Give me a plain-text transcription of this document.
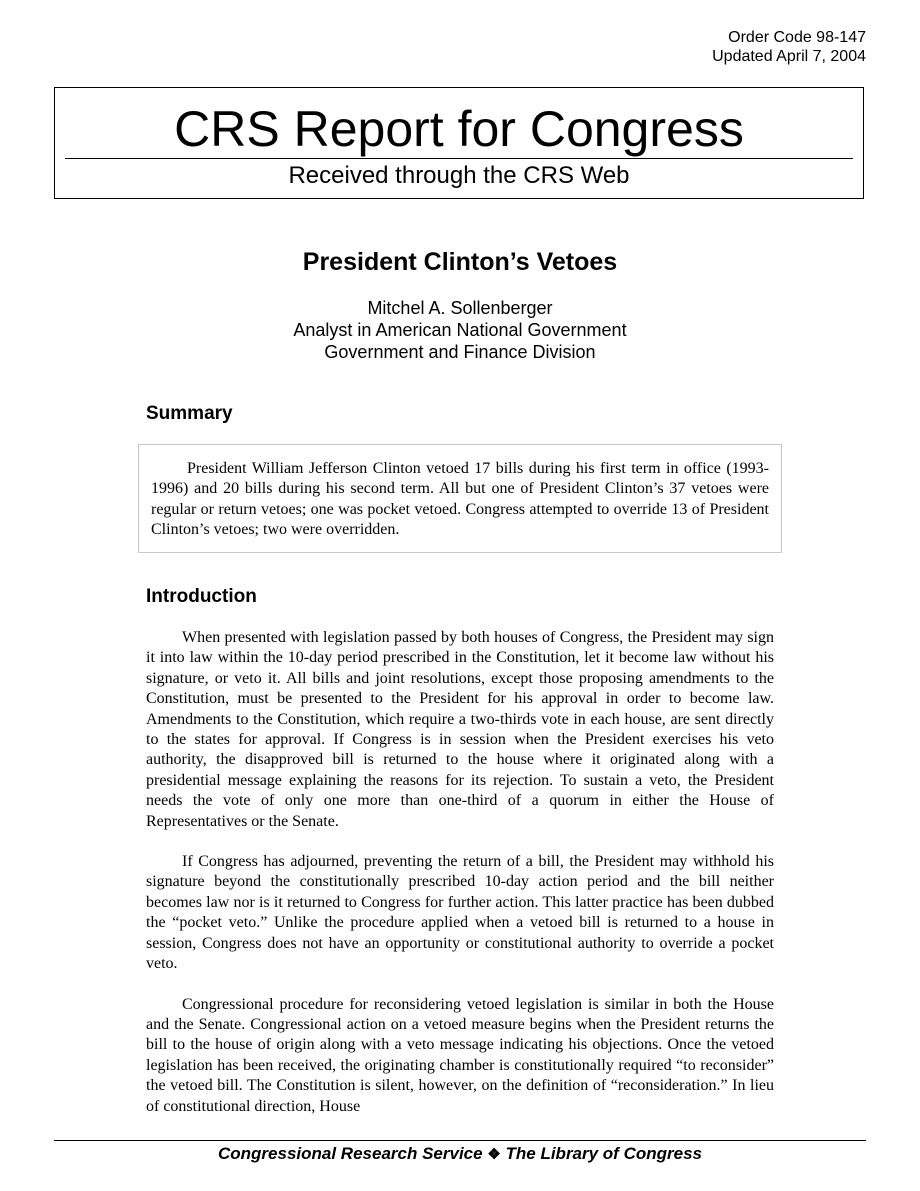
Order Code 98-147
Updated April 7, 2004
CRS Report for Congress
Received through the CRS Web
President Clinton’s Vetoes
Mitchel A. Sollenberger
Analyst in American National Government
Government and Finance Division
Summary

President William Jefferson Clinton vetoed 17 bills during his first term in office (1993-1996) and 20 bills during his second term. All but one of President Clinton’s 37 vetoes were regular or return vetoes; one was pocket vetoed. Congress attempted to override 13 of President Clinton’s vetoes; two were overridden.

Introduction

When presented with legislation passed by both houses of Congress, the President may sign it into law within the 10-day period prescribed in the Constitution, let it become law without his signature, or veto it. All bills and joint resolutions, except those proposing amendments to the Constitution, must be presented to the President for his approval in order to become law. Amendments to the Constitution, which require a two-thirds vote in each house, are sent directly to the states for approval. If Congress is in session when the President exercises his veto authority, the disapproved bill is returned to the house where it originated along with a presidential message explaining the reasons for its rejection. To sustain a veto, the President needs the vote of only one more than one-third of a quorum in either the House of Representatives or the Senate.

If Congress has adjourned, preventing the return of a bill, the President may withhold his signature beyond the constitutionally prescribed 10-day action period and the bill neither becomes law nor is it returned to Congress for further action. This latter practice has been dubbed the “pocket veto.” Unlike the procedure applied when a vetoed bill is returned to a house in session, Congress does not have an opportunity or constitutional authority to override a pocket veto.

Congressional procedure for reconsidering vetoed legislation is similar in both the House and the Senate. Congressional action on a vetoed measure begins when the President returns the bill to the house of origin along with a veto message indicating his objections. Once the vetoed legislation has been received, the originating chamber is constitutionally required “to reconsider” the vetoed bill. The Constitution is silent, however, on the definition of “reconsideration.” In lieu of constitutional direction, House

Congressional Research Service ❖ The Library of Congress
